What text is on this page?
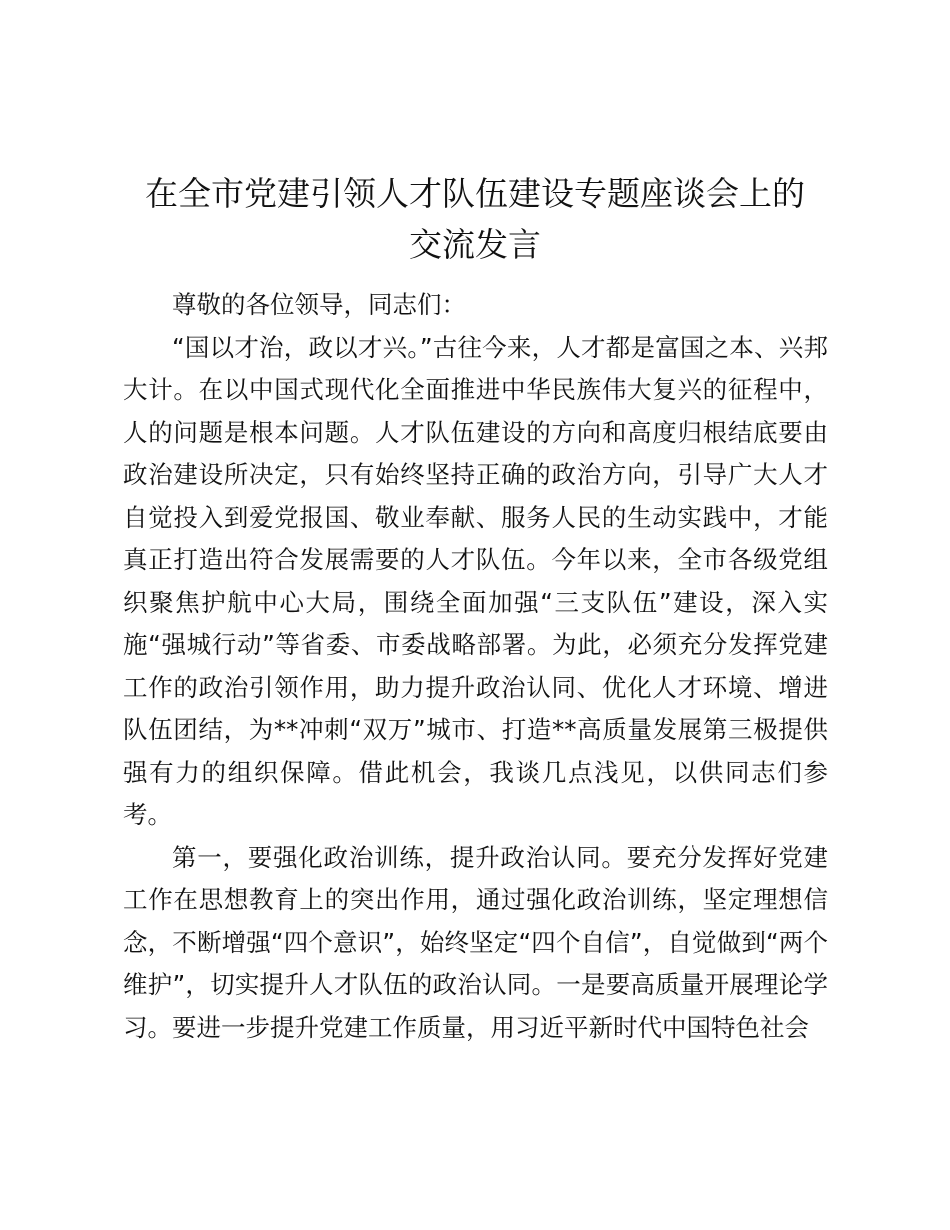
在全市党建引领人才队伍建设专题座谈会上的
交流发言

尊敬的各位领导，同志们：

“国以才治，政以才兴。”古往今来，人才都是富国之本、兴邦大计。在以中国式现代化全面推进中华民族伟大复兴的征程中，人的问题是根本问题。人才队伍建设的方向和高度归根结底要由政治建设所决定，只有始终坚持正确的政治方向，引导广大人才自觉投入到爱党报国、敬业奉献、服务人民的生动实践中，才能真正打造出符合发展需要的人才队伍。今年以来，全市各级党组织聚焦护航中心大局，围绕全面加强“三支队伍”建设，深入实施“强城行动”等省委、市委战略部署。为此，必须充分发挥党建工作的政治引领作用，助力提升政治认同、优化人才环境、增进队伍团结，为**冲刺“双万”城市、打造**高质量发展第三极提供强有力的组织保障。借此机会，我谈几点浅见，以供同志们参考。

第一，要强化政治训练，提升政治认同。要充分发挥好党建工作在思想教育上的突出作用，通过强化政治训练，坚定理想信念，不断增强“四个意识”，始终坚定“四个自信”，自觉做到“两个维护”，切实提升人才队伍的政治认同。一是要高质量开展理论学习。要进一步提升党建工作质量，用习近平新时代中国特色社会
